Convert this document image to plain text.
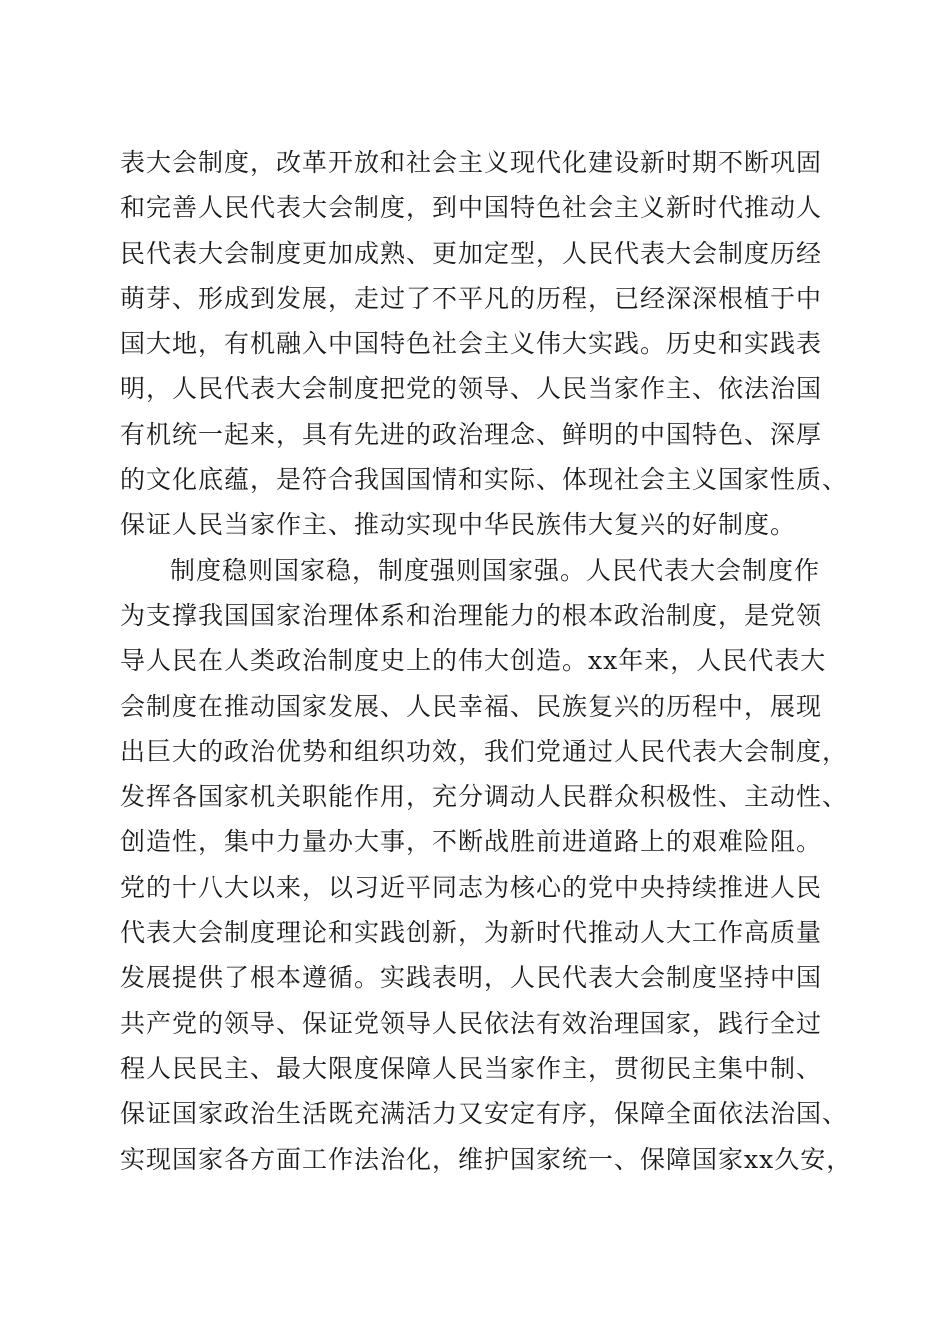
表大会制度，改革开放和社会主义现代化建设新时期不断巩固
和完善人民代表大会制度，到中国特色社会主义新时代推动人
民代表大会制度更加成熟、更加定型，人民代表大会制度历经
萌芽、形成到发展，走过了不平凡的历程，已经深深根植于中
国大地，有机融入中国特色社会主义伟大实践。历史和实践表
明，人民代表大会制度把党的领导、人民当家作主、依法治国
有机统一起来，具有先进的政治理念、鲜明的中国特色、深厚
的文化底蕴，是符合我国国情和实际、体现社会主义国家性质、
保证人民当家作主、推动实现中华民族伟大复兴的好制度。
制度稳则国家稳，制度强则国家强。人民代表大会制度作
为支撑我国国家治理体系和治理能力的根本政治制度，是党领
导人民在人类政治制度史上的伟大创造。xx年来，人民代表大
会制度在推动国家发展、人民幸福、民族复兴的历程中，展现
出巨大的政治优势和组织功效，我们党通过人民代表大会制度，
发挥各国家机关职能作用，充分调动人民群众积极性、主动性、
创造性，集中力量办大事，不断战胜前进道路上的艰难险阻。
党的十八大以来，以习近平同志为核心的党中央持续推进人民
代表大会制度理论和实践创新，为新时代推动人大工作高质量
发展提供了根本遵循。实践表明，人民代表大会制度坚持中国
共产党的领导、保证党领导人民依法有效治理国家，践行全过
程人民民主、最大限度保障人民当家作主，贯彻民主集中制、
保证国家政治生活既充满活力又安定有序，保障全面依法治国、
实现国家各方面工作法治化，维护国家统一、保障国家xx久安，
